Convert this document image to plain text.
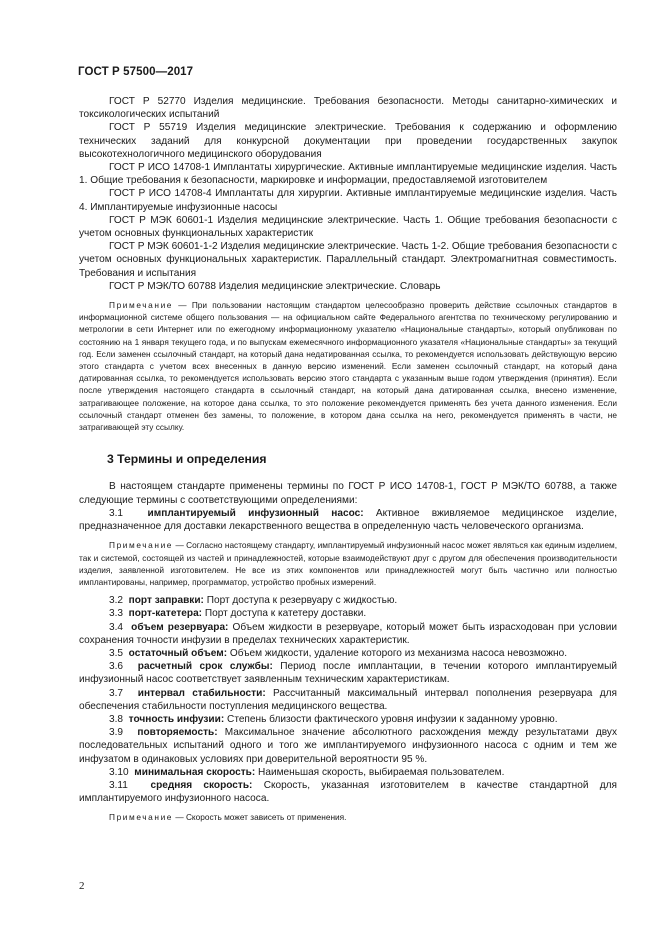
ГОСТ Р 57500—2017

ГОСТ Р 52770 Изделия медицинские. Требования безопасности. Методы санитарно-химических и токсикологических испытаний

ГОСТ Р 55719 Изделия медицинские электрические. Требования к содержанию и оформлению технических заданий для конкурсной документации при проведении государственных закупок высокотехнологичного медицинского оборудования

ГОСТ Р ИСО 14708-1 Имплантаты хирургические. Активные имплантируемые медицинские изделия. Часть 1. Общие требования к безопасности, маркировке и информации, предоставляемой изготовителем

ГОСТ Р ИСО 14708-4 Имплантаты для хирургии. Активные имплантируемые медицинские изделия. Часть 4. Имплантируемые инфузионные насосы

ГОСТ Р МЭК 60601-1 Изделия медицинские электрические. Часть 1. Общие требования безопасности с учетом основных функциональных характеристик

ГОСТ Р МЭК 60601-1-2 Изделия медицинские электрические. Часть 1-2. Общие требования безопасности с учетом основных функциональных характеристик. Параллельный стандарт. Электромагнитная совместимость. Требования и испытания

ГОСТ Р МЭК/ТО 60788 Изделия медицинские электрические. Словарь

Примечание — При пользовании настоящим стандартом целесообразно проверить действие ссылочных стандартов в информационной системе общего пользования — на официальном сайте Федерального агентства по техническому регулированию и метрологии в сети Интернет или по ежегодному информационному указателю «Национальные стандарты», который опубликован по состоянию на 1 января текущего года, и по выпускам ежемесячного информационного указателя «Национальные стандарты» за текущий год. Если заменен ссылочный стандарт, на который дана недатированная ссылка, то рекомендуется использовать действующую версию этого стандарта с учетом всех внесенных в данную версию изменений. Если заменен ссылочный стандарт, на который дана датированная ссылка, то рекомендуется использовать версию этого стандарта с указанным выше годом утверждения (принятия). Если после утверждения настоящего стандарта в ссылочный стандарт, на который дана датированная ссылка, внесено изменение, затрагивающее положение, на которое дана ссылка, то это положение рекомендуется применять без учета данного изменения. Если ссылочный стандарт отменен без замены, то положение, в котором дана ссылка на него, рекомендуется применять в части, не затрагивающей эту ссылку.

3 Термины и определения

В настоящем стандарте применены термины по ГОСТ Р ИСО 14708-1, ГОСТ Р МЭК/ТО 60788, а также следующие термины с соответствующими определениями:

3.1 имплантируемый инфузионный насос: Активное вживляемое медицинское изделие, предназначенное для доставки лекарственного вещества в определенную часть человеческого организма.

Примечание — Согласно настоящему стандарту, имплантируемый инфузионный насос может являться как единым изделием, так и системой, состоящей из частей и принадлежностей, которые взаимодействуют друг с другом для обеспечения производительности изделия, заявленной изготовителем. Не все из этих компонентов или принадлежностей могут быть частично или полностью имплантированы, например, программатор, устройство пробных измерений.

3.2 порт заправки: Порт доступа к резервуару с жидкостью.

3.3 порт-катетера: Порт доступа к катетеру доставки.

3.4 объем резервуара: Объем жидкости в резервуаре, который может быть израсходован при условии сохранения точности инфузии в пределах технических характеристик.

3.5 остаточный объем: Объем жидкости, удаление которого из механизма насоса невозможно.

3.6 расчетный срок службы: Период после имплантации, в течении которого имплантируемый инфузионный насос соответствует заявленным техническим характеристикам.

3.7 интервал стабильности: Рассчитанный максимальный интервал пополнения резервуара для обеспечения стабильности поступления медицинского вещества.

3.8 точность инфузии: Степень близости фактического уровня инфузии к заданному уровню.

3.9 повторяемость: Максимальное значение абсолютного расхождения между результатами двух последовательных испытаний одного и того же имплантируемого инфузионного насоса с одним и тем же инфузатом в одинаковых условиях при доверительной вероятности 95 %.

3.10 минимальная скорость: Наименьшая скорость, выбираемая пользователем.

3.11 средняя скорость: Скорость, указанная изготовителем в качестве стандартной для имплантируемого инфузионного насоса.

Примечание — Скорость может зависеть от применения.

2
